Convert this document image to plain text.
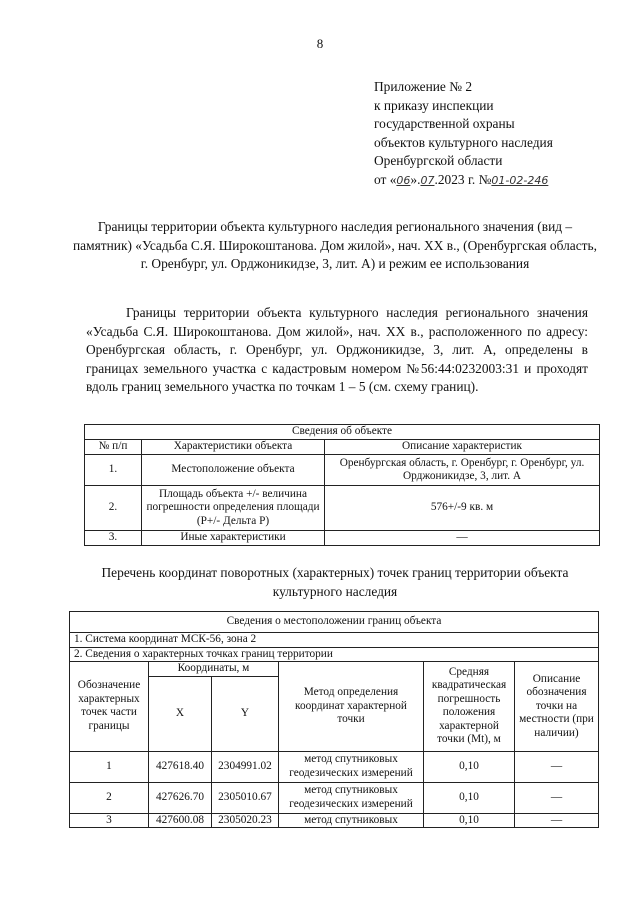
8
Приложение № 2
к приказу инспекции
государственной охраны
объектов культурного наследия
Оренбургской области
от «06».07.2023 г. №01-02-246
Границы территории объекта культурного наследия регионального значения (вид – памятник) «Усадьба С.Я. Широкоштанова. Дом жилой», нач. XX в., (Оренбургская область, г. Оренбург, ул. Орджоникидзе, 3, лит. А) и режим ее использования
Границы территории объекта культурного наследия регионального значения «Усадьба С.Я. Широкоштанова. Дом жилой», нач. XX в., расположенного по адресу: Оренбургская область, г. Оренбург, ул. Орджоникидзе, 3, лит. А, определены в границах земельного участка с кадастровым номером №56:44:0232003:31 и проходят вдоль границ земельного участка по точкам 1 – 5 (см. схему границ).
Сведения об объекте		
№ п/п	Характеристики объекта	Описание характеристик
1.	Местоположение объекта	Оренбургская область, г. Оренбург, г. Оренбург, ул. Орджоникидзе, 3, лит. А
2.	Площадь объекта +/- величина погрешности определения площади (P+/- Дельта P)	576+/-9 кв. м
3.	Иные характеристики	—
Перечень координат поворотных (характерных) точек границ территории объекта культурного наследия
Сведения о местоположении границ объекта					
1. Система координат МСК-56, зона 2					
2. Сведения о характерных точках границ территории					
Обозначение характерных точек части границы	Координаты, м		Метод определения координат характерной точки	Средняя квадратическая погрешность положения характерной точки (Mt), м	Описание обозначения точки на местности (при наличии)
	X	Y			
1	427618.40	2304991.02	метод спутниковых геодезических измерений	0,10	—
2	427626.70	2305010.67	метод спутниковых геодезических измерений	0,10	—
3	427600.08	2305020.23	метод спутниковых	0,10	—
